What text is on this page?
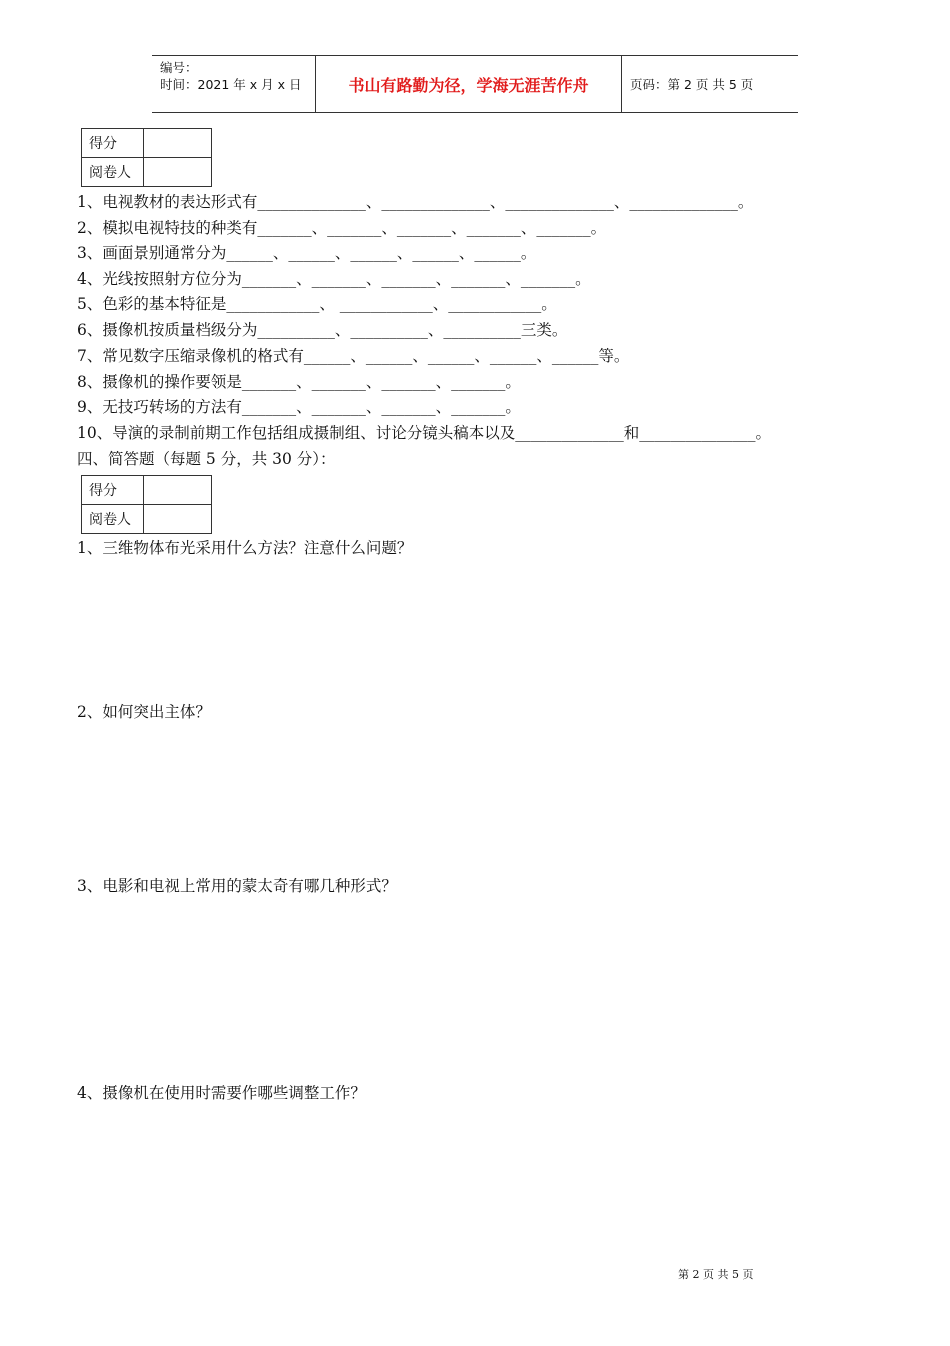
编号：
时间：2021 年 x 月 x 日	书山有路勤为径，学海无涯苦作舟	页码：第 2 页 共 5 页
得分	
阅卷人	
1、电视教材的表达形式有______________、______________、______________、______________。
2、模拟电视特技的种类有_______、_______、_______、_______、_______。
3、画面景别通常分为______、______、______、______、______。
4、光线按照射方位分为_______、_______、_______、_______、_______。
5、色彩的基本特征是____________、 ____________、____________。
6、摄像机按质量档级分为__________、__________、__________三类。
7、常见数字压缩录像机的格式有______、______、______、______、______等。
8、摄像机的操作要领是_______、_______、_______、_______。
9、无技巧转场的方法有_______、_______、_______、_______。
10、导演的录制前期工作包括组成摄制组、讨论分镜头稿本以及______________和_______________。
四、简答题（每题 5 分，共 30 分）：
得分	
阅卷人	
1、三维物体布光采用什么方法？注意什么问题？
2、如何突出主体？
3、电影和电视上常用的蒙太奇有哪几种形式？
4、摄像机在使用时需要作哪些调整工作？
第 2 页 共 5 页
